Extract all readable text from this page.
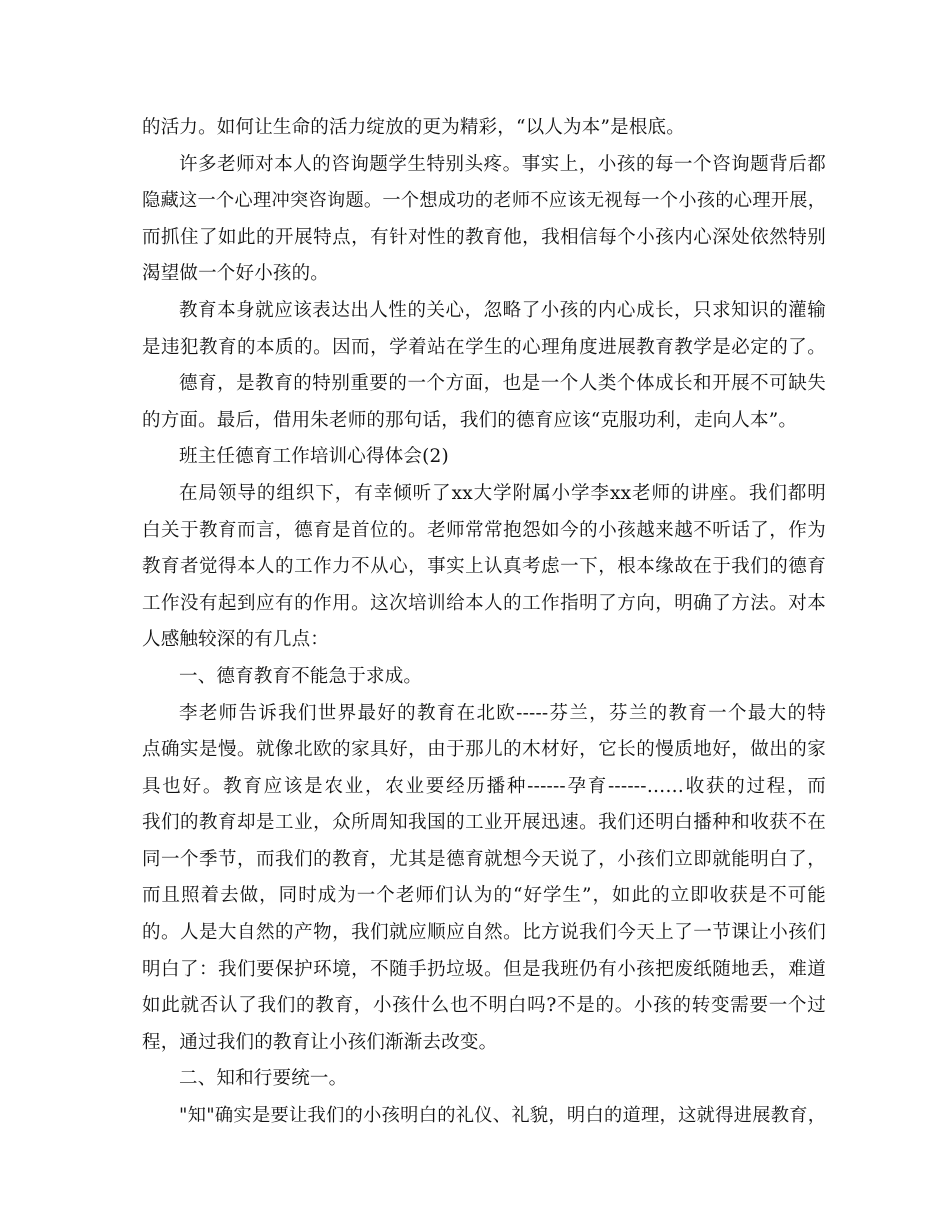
的活力。如何让生命的活力绽放的更为精彩，“以人为本”是根底。
许多老师对本人的咨询题学生特别头疼。事实上，小孩的每一个咨询题背后都
隐藏这一个心理冲突咨询题。一个想成功的老师不应该无视每一个小孩的心理开展，
而抓住了如此的开展特点，有针对性的教育他，我相信每个小孩内心深处依然特别
渴望做一个好小孩的。
教育本身就应该表达出人性的关心，忽略了小孩的内心成长，只求知识的灌输
是违犯教育的本质的。因而，学着站在学生的心理角度进展教育教学是必定的了。
德育，是教育的特别重要的一个方面，也是一个人类个体成长和开展不可缺失
的方面。最后，借用朱老师的那句话，我们的德育应该“克服功利，走向人本”。
班主任德育工作培训心得体会(2)
在局领导的组织下，有幸倾听了xx大学附属小学李xx老师的讲座。我们都明
白关于教育而言，德育是首位的。老师常常抱怨如今的小孩越来越不听话了，作为
教育者觉得本人的工作力不从心，事实上认真考虑一下，根本缘故在于我们的德育
工作没有起到应有的作用。这次培训给本人的工作指明了方向，明确了方法。对本
人感触较深的有几点：
一、德育教育不能急于求成。
李老师告诉我们世界最好的教育在北欧-----芬兰，芬兰的教育一个最大的特
点确实是慢。就像北欧的家具好，由于那儿的木材好，它长的慢质地好，做出的家
具也好。教育应该是农业，农业要经历播种------孕育------……收获的过程，而
我们的教育却是工业，众所周知我国的工业开展迅速。我们还明白播种和收获不在
同一个季节，而我们的教育，尤其是德育就想今天说了，小孩们立即就能明白了，
而且照着去做，同时成为一个老师们认为的“好学生”，如此的立即收获是不可能
的。人是大自然的产物，我们就应顺应自然。比方说我们今天上了一节课让小孩们
明白了：我们要保护环境，不随手扔垃圾。但是我班仍有小孩把废纸随地丢，难道
如此就否认了我们的教育，小孩什么也不明白吗?不是的。小孩的转变需要一个过
程，通过我们的教育让小孩们渐渐去改变。
二、知和行要统一。
"知"确实是要让我们的小孩明白的礼仪、礼貌，明白的道理，这就得进展教育，
